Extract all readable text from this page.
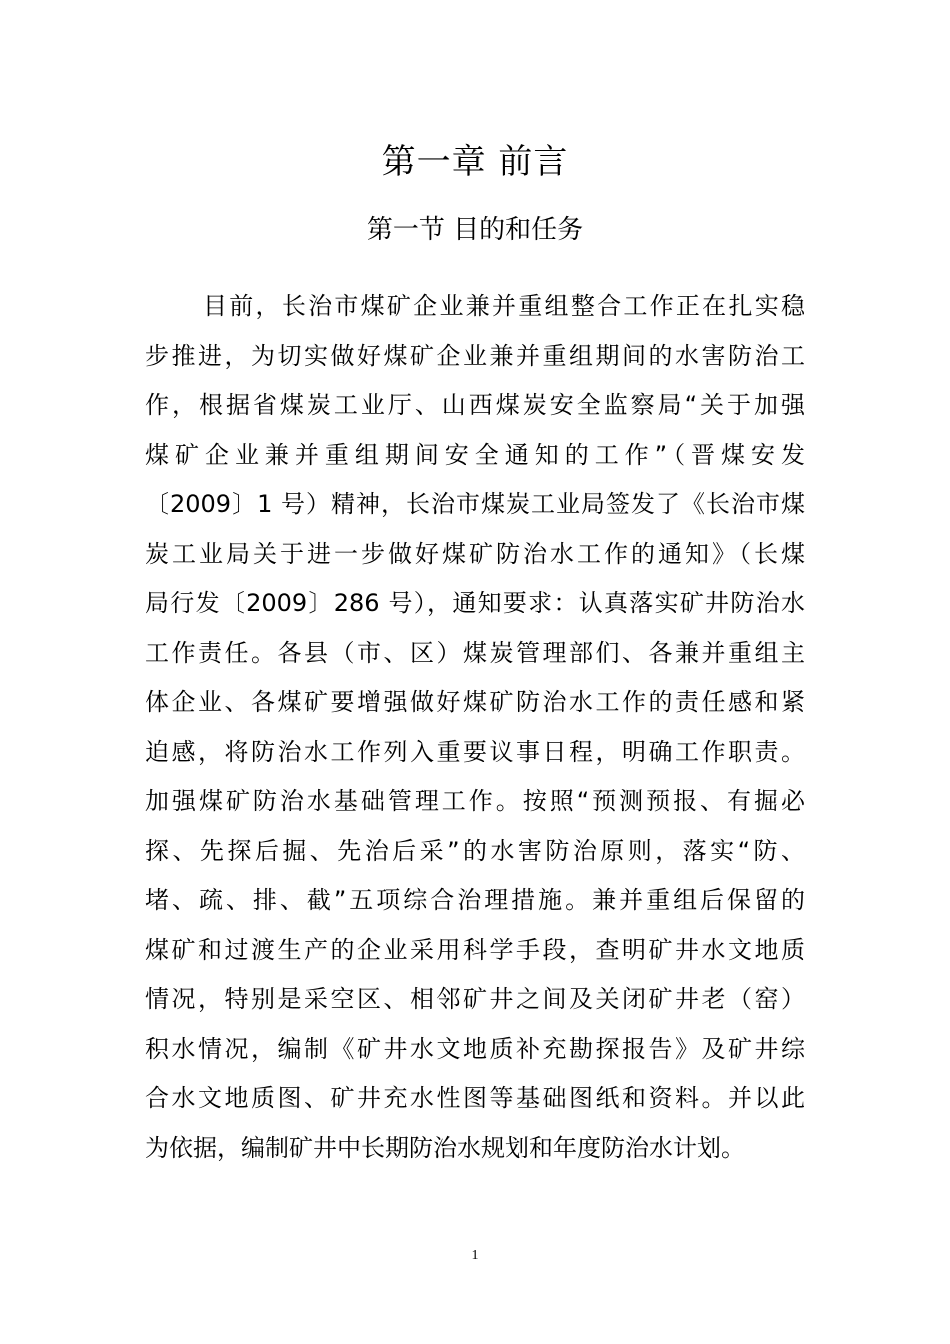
第一章 前言
第一节 目的和任务
目前，长治市煤矿企业兼并重组整合工作正在扎实稳
步推进，为切实做好煤矿企业兼并重组期间的水害防治工
作，根据省煤炭工业厅、山西煤炭安全监察局“关于加强
煤矿企业兼并重组期间安全通知的工作”（晋煤安发
〔2009〕1 号）精神，长治市煤炭工业局签发了《长治市煤
炭工业局关于进一步做好煤矿防治水工作的通知》（长煤
局行发〔2009〕286 号），通知要求：认真落实矿井防治水
工作责任。各县（市、区）煤炭管理部们、各兼并重组主
体企业、各煤矿要增强做好煤矿防治水工作的责任感和紧
迫感，将防治水工作列入重要议事日程，明确工作职责。
加强煤矿防治水基础管理工作。按照“预测预报、有掘必
探、先探后掘、先治后采”的水害防治原则，落实“防、
堵、疏、排、截”五项综合治理措施。兼并重组后保留的
煤矿和过渡生产的企业采用科学手段，查明矿井水文地质
情况，特别是采空区、相邻矿井之间及关闭矿井老（窑）
积水情况，编制《矿井水文地质补充勘探报告》及矿井综
合水文地质图、矿井充水性图等基础图纸和资料。并以此
为依据，编制矿井中长期防治水规划和年度防治水计划。
1
